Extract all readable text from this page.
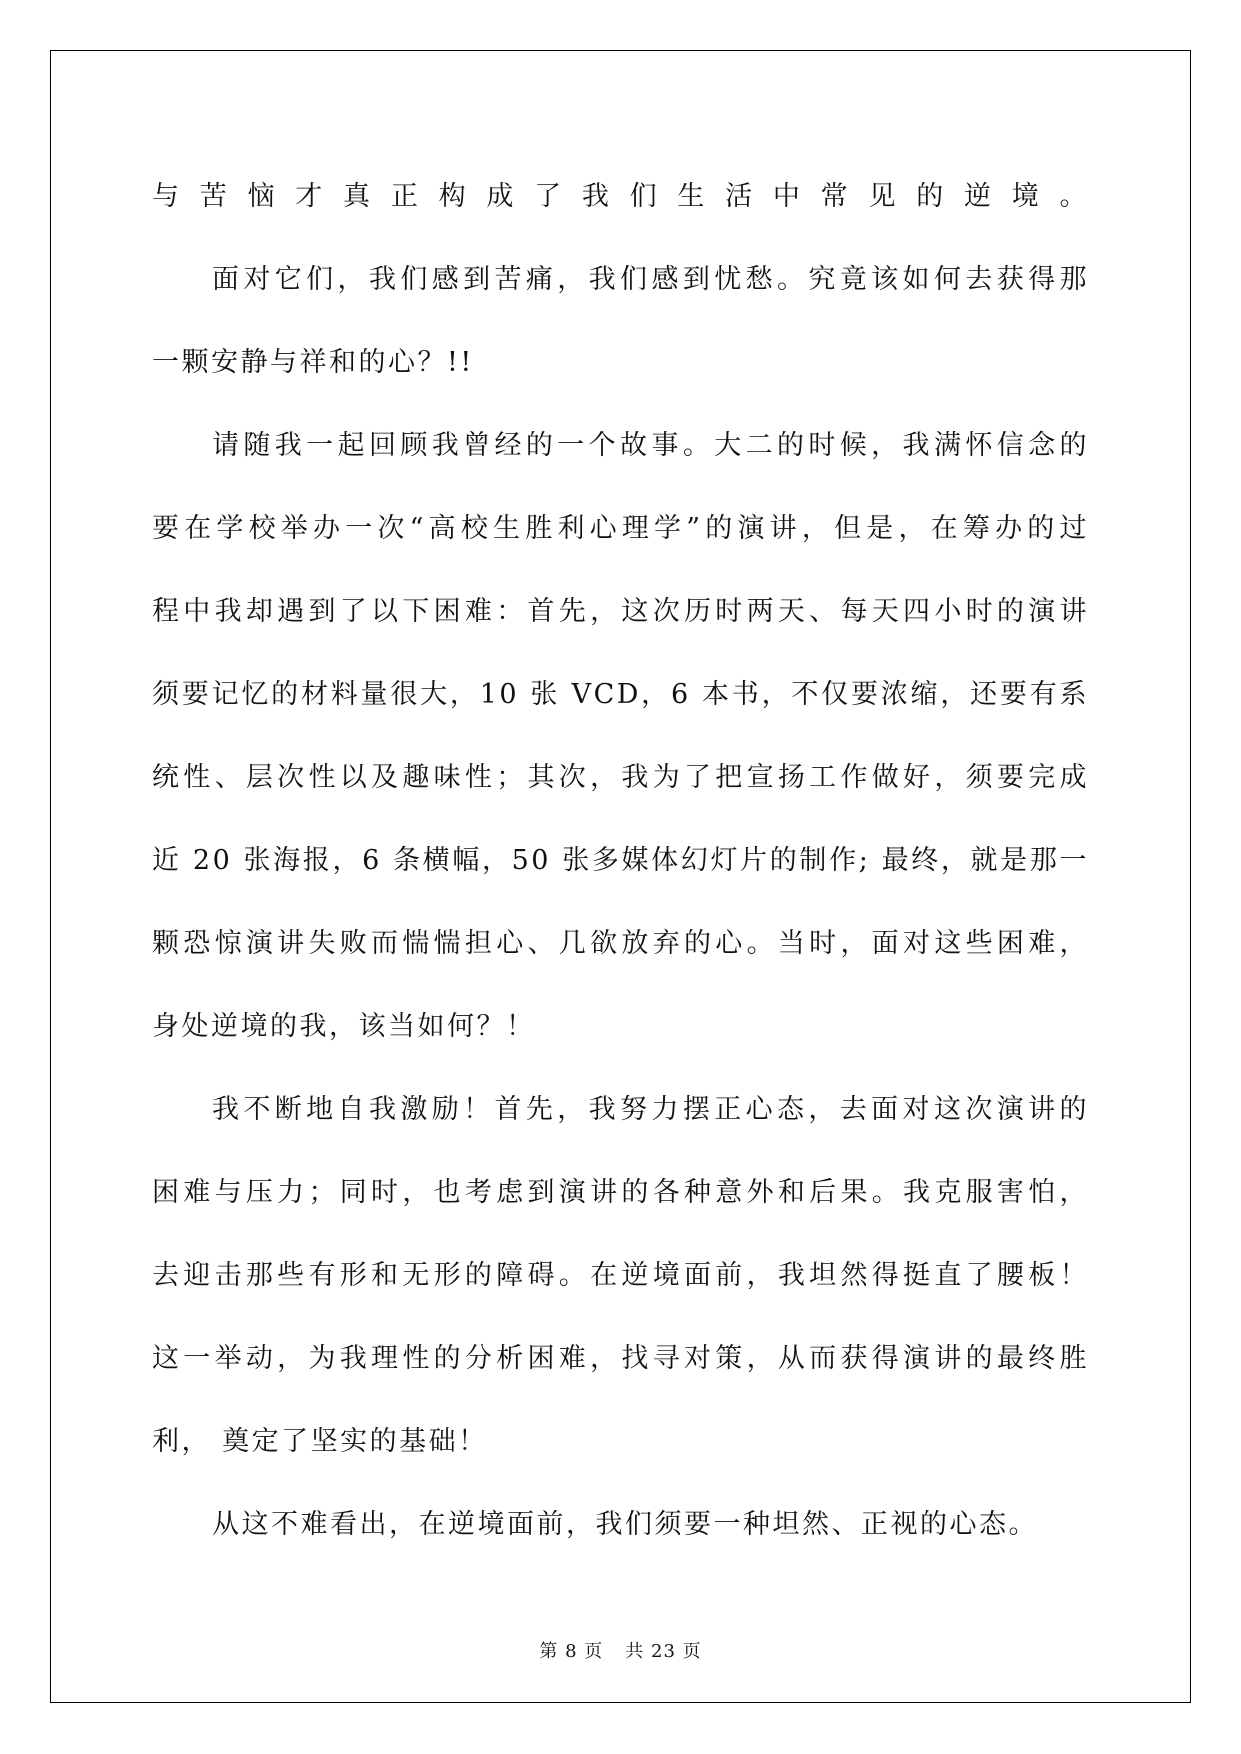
与苦恼才真正构成了我们生活中常见的逆境。
面对它们，我们感到苦痛，我们感到忧愁。究竟该如何去获得那
一颗安静与祥和的心？!!
请随我一起回顾我曾经的一个故事。大二的时候，我满怀信念的
要在学校举办一次“高校生胜利心理学”的演讲，但是，在筹办的过
程中我却遇到了以下困难：首先，这次历时两天、每天四小时的演讲
须要记忆的材料量很大，10 张 VCD，6 本书，不仅要浓缩，还要有系
统性、层次性以及趣味性；其次，我为了把宣扬工作做好，须要完成
近 20 张海报，6 条横幅，50 张多媒体幻灯片的制作; 最终，就是那一
颗恐惊演讲失败而惴惴担心、几欲放弃的心。当时，面对这些困难，
身处逆境的我，该当如何？！
我不断地自我激励！首先，我努力摆正心态，去面对这次演讲的
困难与压力；同时，也考虑到演讲的各种意外和后果。我克服害怕，
去迎击那些有形和无形的障碍。在逆境面前，我坦然得挺直了腰板！
这一举动，为我理性的分析困难，找寻对策，从而获得演讲的最终胜
利， 奠定了坚实的基础！
从这不难看出，在逆境面前，我们须要一种坦然、正视的心态。
第 8 页 共 23 页
